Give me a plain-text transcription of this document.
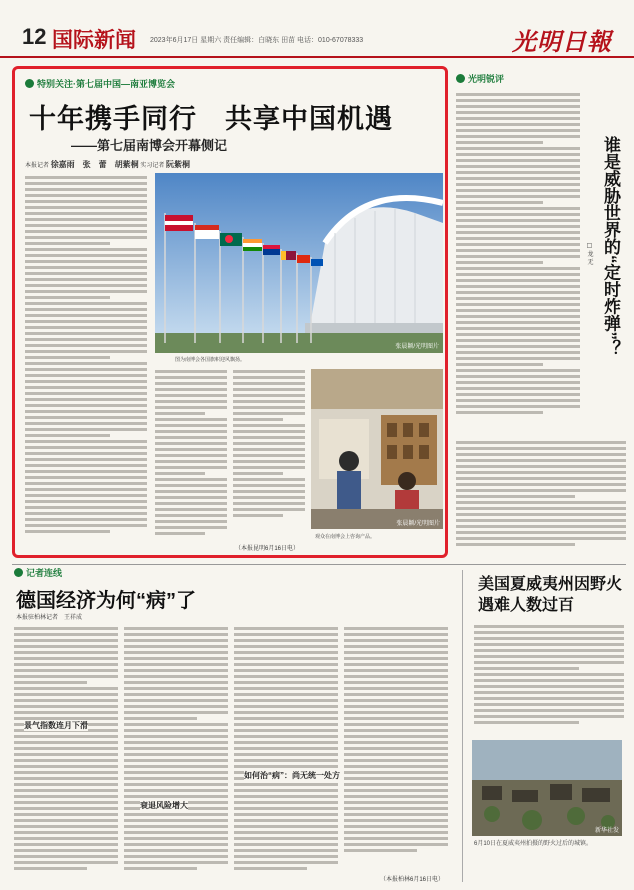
12 国际新闻 2023年6月17日 星期六 责任编辑：白晓东 田苗 电话：010-67078333	光明日報
特别关注·第七届中国—南亚博览会
十年携手同行　共享中国机遇
——第七届南博会开幕侧记
本报记者 徐嘉雨　张　蕾　胡紫桐 实习记者 阮紫桐
张晨颖/光明图片
图为南博会各国旗帜迎风飘扬。
张晨颖/光明图片
观众在南博会上咨询产品。
（本报昆明6月16日电）
光明锐评
谁是威胁世界的“定时炸弹”？
□ 龙 无
记者连线
德国经济为何“病”了
本报驻柏林记者　王祥成
景气指数连月下滑
衰退风险增大
如何治“病”：尚无统一处方
（本报柏林6月16日电）
美国夏威夷州因野火
遇难人数过百
新华社发
6月10日在夏威夷州拍摄的野火过后的城镇。
